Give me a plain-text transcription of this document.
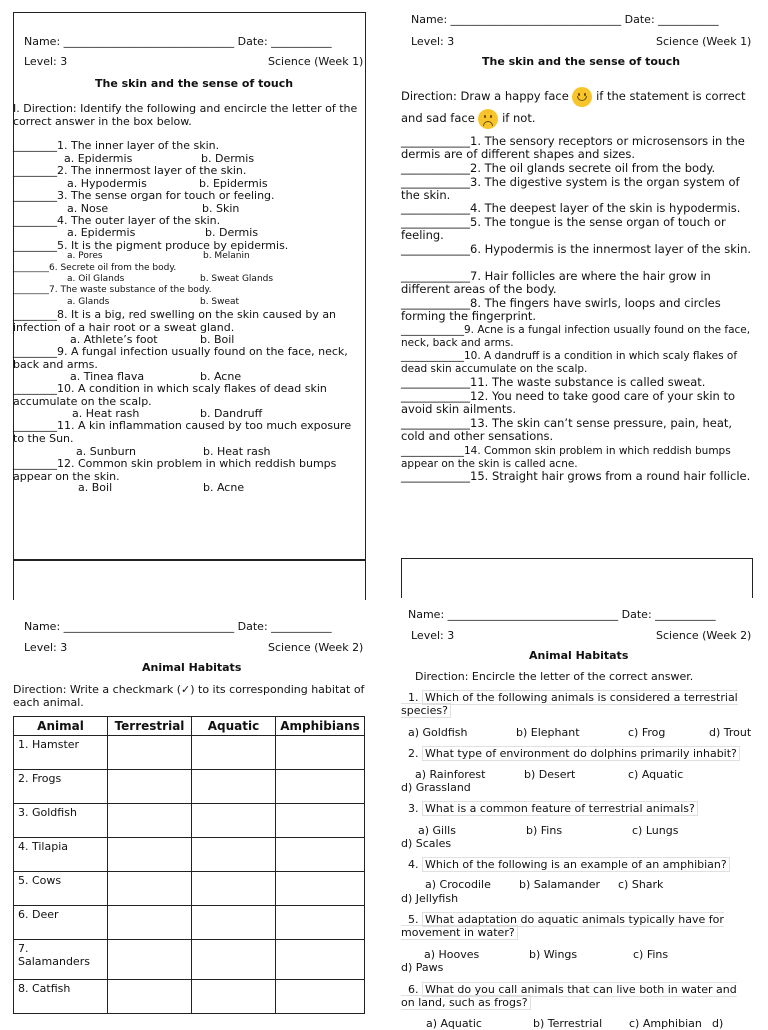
Name: _______________________________ Date: ___________
Level: 3	Science (Week 1)
The skin and the sense of touch
I. Direction: Identify the following and encircle the letter of the correct answer in the box below.
________1. The inner layer of the skin.
a. Epidermis	b. Dermis
________2. The innermost layer of the skin.
a. Hypodermis	b. Epidermis
________3. The sense organ for touch or feeling.
a. Nose	b. Skin
________4. The outer layer of the skin.
a. Epidermis	b. Dermis
________5. It is the pigment produce by epidermis.
a. Pores	b. Melanin
________6. Secrete oil from the body.
a. Oil Glands	b. Sweat Glands
________7. The waste substance of the body.
a. Glands	b. Sweat
________8. It is a big, red swelling on the skin caused by an infection of a hair root or a sweat gland.
a. Athlete’s foot	b. Boil
________9. A fungal infection usually found on the face, neck, back and arms.
a. Tinea flava	b. Acne
________10. A condition in which scaly flakes of dead skin accumulate on the scalp.
a. Heat rash	b. Dandruff
________11. A kin inflammation caused by too much exposure to the Sun.
a. Sunburn	b. Heat rash
________12. Common skin problem in which reddish bumps appear on the skin.
a. Boil	b. Acne
Name: _______________________________ Date: ___________
Level: 3	Science (Week 1)
The skin and the sense of touch
Direction: Draw a happy face if the statement is correct
and sad face if not.
____________1. The sensory receptors or microsensors in the dermis are of different shapes and sizes.
____________2. The oil glands secrete oil from the body.
____________3. The digestive system is the organ system of the skin.
____________4. The deepest layer of the skin is hypodermis.
____________5. The tongue is the sense organ of touch or feeling.
____________6. Hypodermis is the innermost layer of the skin.
____________7. Hair follicles are where the hair grow in different areas of the body.
____________8. The fingers have swirls, loops and circles forming the fingerprint.
____________9. Acne is a fungal infection usually found on the face, neck, back and arms.
____________10. A dandruff is a condition in which scaly flakes of dead skin accumulate on the scalp.
____________11. The waste substance is called sweat.
____________12. You need to take good care of your skin to avoid skin ailments.
____________13. The skin can’t sense pressure, pain, heat, cold and other sensations.
____________14. Common skin problem in which reddish bumps appear on the skin is called acne.
____________15. Straight hair grows from a round hair follicle.
Name: _______________________________ Date: ___________
Level: 3	Science (Week 2)
Animal Habitats
Direction: Write a checkmark (✓) to its corresponding habitat of each animal.
Animal	Terrestrial	Aquatic	Amphibians
1. Hamster			
2. Frogs			
3. Goldfish			
4. Tilapia			
5. Cows			
6. Deer			
7. Salamanders			
8. Catfish			
Name: _______________________________ Date: ___________
Level: 3	Science (Week 2)
Animal Habitats
Direction: Encircle the letter of the correct answer.
1. Which of the following animals is considered a terrestrial species?
a) Goldfish	b) Elephant	c) Frog	d) Trout
2. What type of environment do dolphins primarily inhabit?
a) Rainforest	b) Desert	c) Aquatic
d) Grassland
3. What is a common feature of terrestrial animals?
a) Gills	b) Fins	c) Lungs
d) Scales
4. Which of the following is an example of an amphibian?
a) Crocodile	b) Salamander c) Shark
d) Jellyfish
5. What adaptation do aquatic animals typically have for movement in water?
a) Hooves	b) Wings	c) Fins
d) Paws
6. What do you call animals that can live both in water and on land, such as frogs?
a) Aquatic	b) Terrestrial c) Amphibian d)
